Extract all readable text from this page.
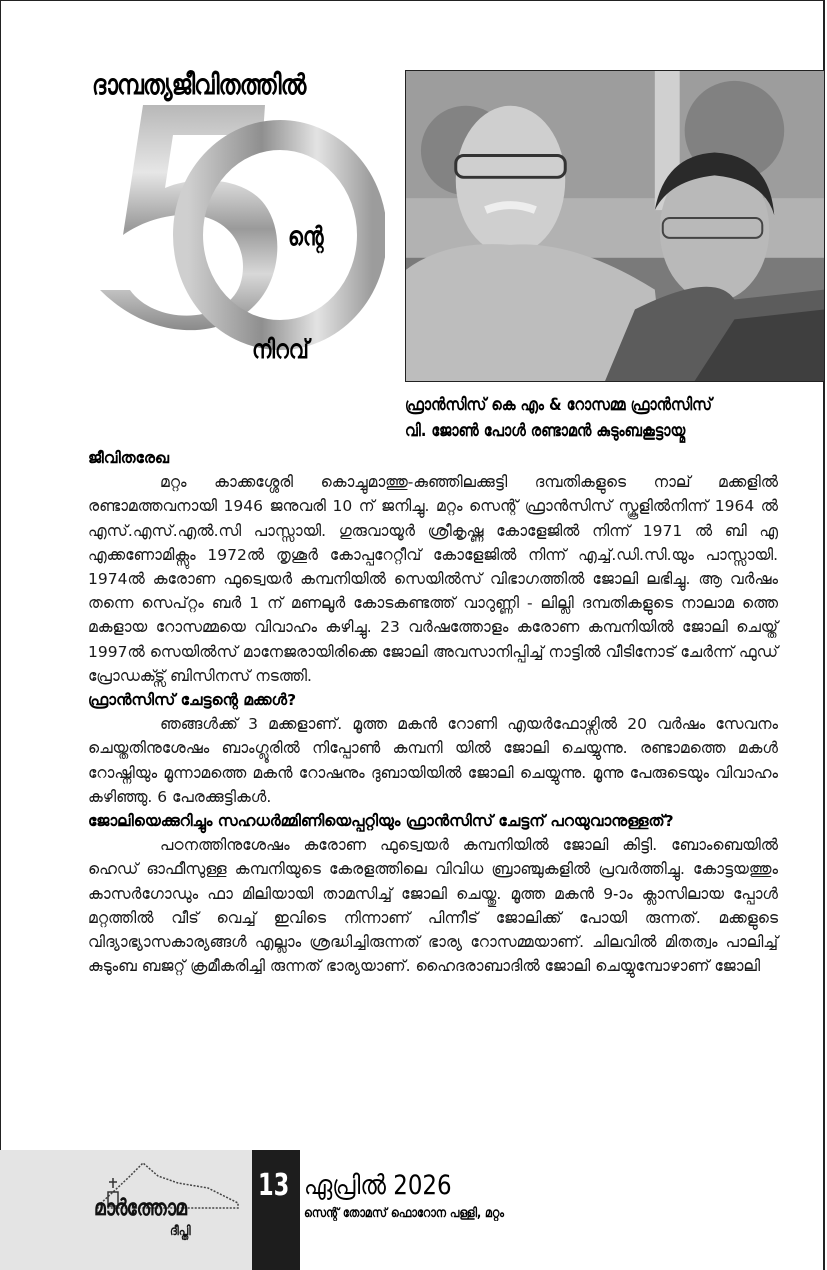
ദാമ്പത്യജീവിതത്തിൽ
ന്റെ
നിറവ്
ഫ്രാൻസിസ് കെ എം & റോസമ്മ ഫ്രാൻസിസ്
വി. ജോൺ പോൾ രണ്ടാമൻ കുടുംബകൂട്ടായ്മ
ജീവിതരേഖ

മറ്റം കാക്കശ്ശേരി കൊച്ചുമാത്തു-കുഞ്ഞിലക്കുട്ടി ദമ്പതികളുടെ നാല് മക്കളിൽ രണ്ടാമത്തവനായി 1946 ജനുവരി 10 ന് ജനിച്ചു. മറ്റം സെന്റ് ഫ്രാൻസിസ് സ്കൂളിൽനിന്ന് 1964 ൽ എസ്.എസ്.എൽ.സി പാസ്സായി. ഗുരുവായൂർ ശ്രീകൃഷ്ണ കോളേജിൽ നിന്ന് 1971 ൽ ബി എ എക്കണോമിക്സും 1972ൽ തൃശൂർ കോപ്പറേറ്റീവ് കോളേജിൽ നിന്ന് എച്ച്.ഡി.സി.യും പാസ്സായി. 1974ൽ കരോണ ഫുട്വെയർ കമ്പനിയിൽ സെയിൽസ് വിഭാഗത്തിൽ ജോലി ലഭിച്ചു. ആ വർഷം തന്നെ സെപ്റ്റം ബർ 1 ന് മണലൂർ കോടകണ്ടത്ത് വാറുണ്ണി - ലില്ലി ദമ്പതികളുടെ നാലാമ ത്തെ മകളായ റോസമ്മയെ വിവാഹം കഴിച്ചു. 23 വർഷത്തോളം കരോണ കമ്പനിയിൽ ജോലി ചെയ്ത് 1997ൽ സെയിൽസ് മാനേജരായിരിക്കെ ജോലി അവസാനിപ്പിച്ച് നാട്ടിൽ വീടിനോട് ചേർന്ന് ഫുഡ് പ്രോഡക്ട്സ് ബിസിനസ് നടത്തി.

ഫ്രാൻസിസ് ചേട്ടന്റെ മക്കൾ?

ഞങ്ങൾക്ക് 3 മക്കളാണ്. മൂത്ത മകൻ റോണി എയർഫോഴ്സിൽ 20 വർഷം സേവനം ചെയ്തതിനുശേഷം ബാംഗ്ലൂരിൽ നിപ്പോൺ കമ്പനി യിൽ ജോലി ചെയ്യുന്നു. രണ്ടാമത്തെ മകൾ റോഷ്നിയും മൂന്നാമത്തെ മകൻ റോഷനും ദുബായിയിൽ ജോലി ചെയ്യുന്നു. മൂന്നു പേരുടെയും വിവാഹം കഴിഞ്ഞു. 6 പേരക്കുട്ടികൾ.

ജോലിയെക്കുറിച്ചും സഹധർമ്മിണിയെപ്പറ്റിയും ഫ്രാൻസിസ് ചേട്ടന് പറയുവാനുള്ളത്?

പഠനത്തിനുശേഷം കരോണ ഫുട്വെയർ കമ്പനിയിൽ ജോലി കിട്ടി. ബോംബെയിൽ ഹെഡ് ഓഫീസുള്ള കമ്പനിയുടെ കേരളത്തിലെ വിവിധ ബ്രാഞ്ചുകളിൽ പ്രവർത്തിച്ചു. കോട്ടയത്തും കാസർഗോഡും ഫാ മിലിയായി താമസിച്ച് ജോലി ചെയ്തു. മൂത്ത മകൻ 9-ാം ക്ലാസിലായ പ്പോൾ മറ്റത്തിൽ വീട് വെച്ച് ഇവിടെ നിന്നാണ് പിന്നീട് ജോലിക്ക് പോയി രുന്നത്. മക്കളുടെ വിദ്യാഭ്യാസകാര്യങ്ങൾ എല്ലാം ശ്രദ്ധിച്ചിരുന്നത് ഭാര്യ റോസമ്മയാണ്. ചിലവിൽ മിതത്വം പാലിച്ച് കുടുംബ ബജറ്റ് ക്രമീകരിച്ചി രുന്നത് ഭാര്യയാണ്. ഹൈദരാബാദിൽ ജോലി ചെയ്യുമ്പോഴാണ് ജോലി

മാർത്തോമ
ദീപ്തി
13 ഏപ്രിൽ 2026
സെന്റ് തോമസ് ഫൊറോന പള്ളി, മറ്റം
